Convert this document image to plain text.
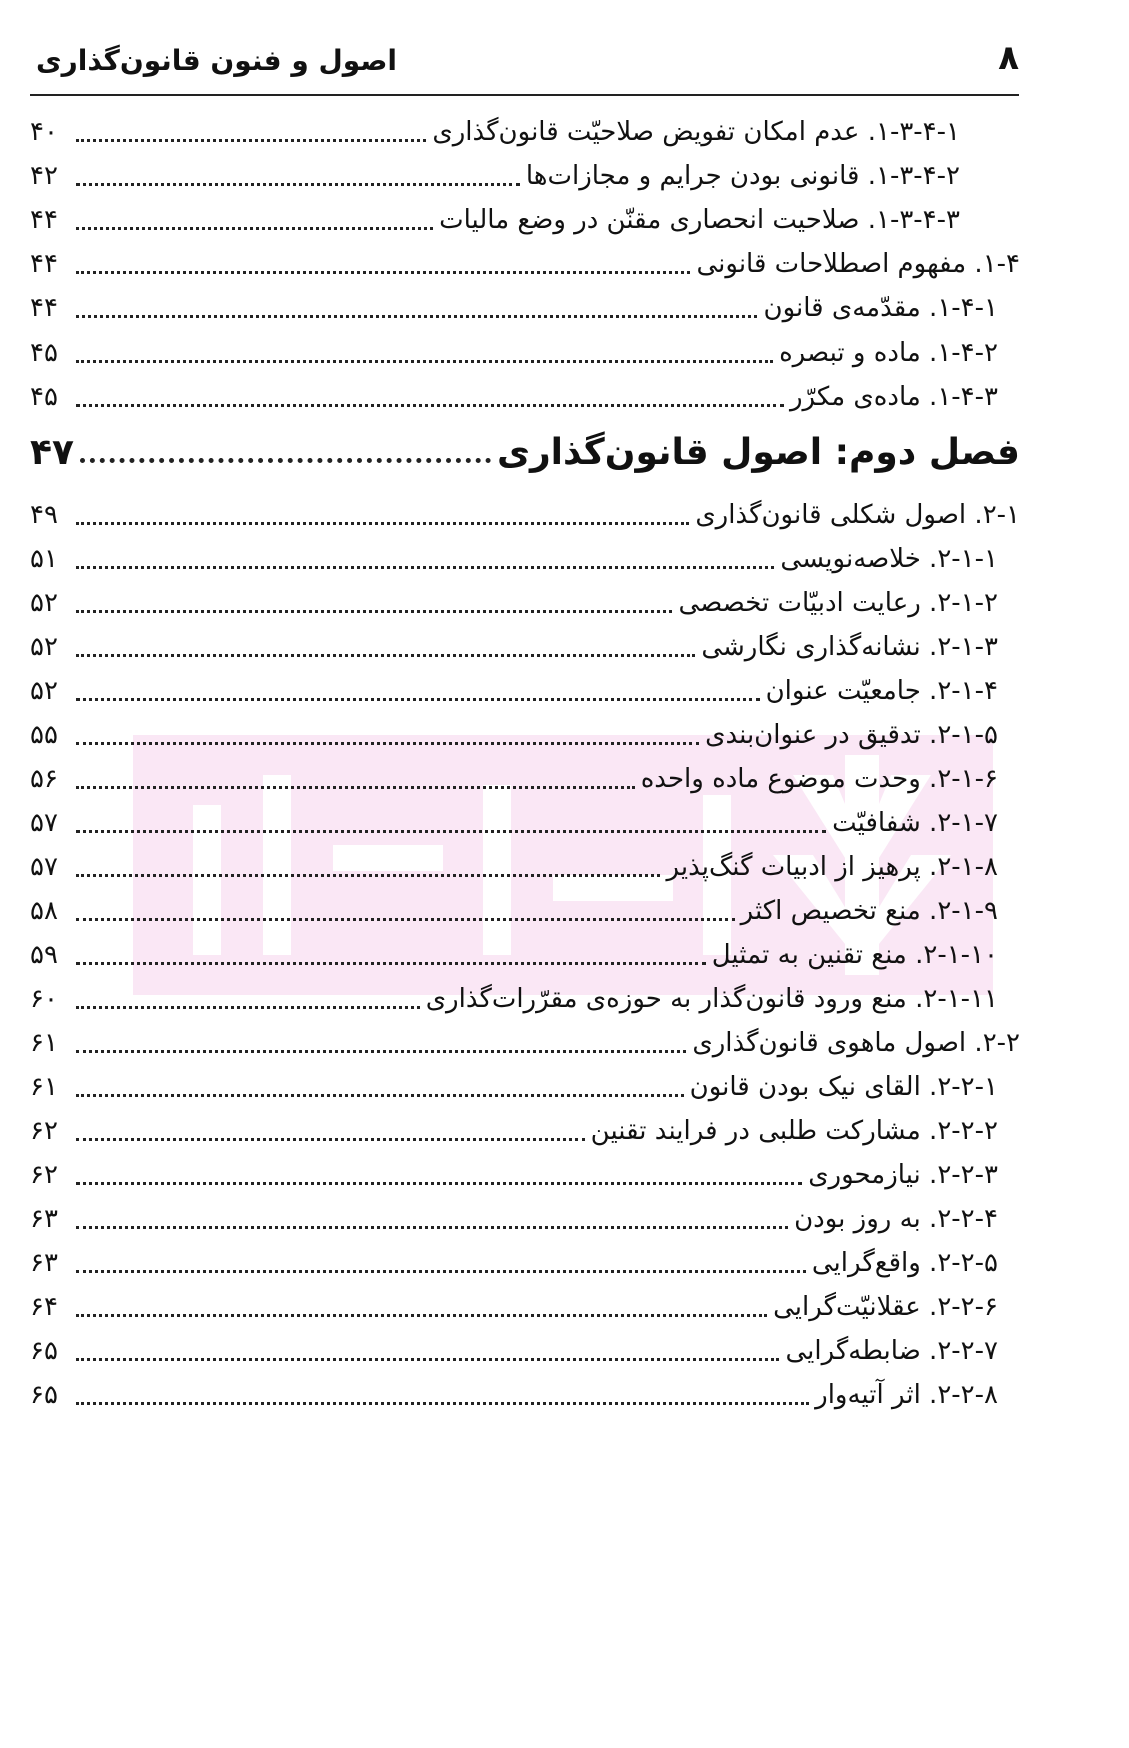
۸
اصول و فنون قانون‌گذاری
۴۰	۱-۳-۴-۱. عدم امکان تفویض صلاحیّت قانون‌گذاری
۴۲	۱-۳-۴-۲. قانونی بودن جرایم و مجازات‌ها
۴۴	۱-۳-۴-۳. صلاحیت انحصاری مقنّن در وضع مالیات
۴۴	۱-۴. مفهوم اصطلاحات قانونی
۴۴	۱-۴-۱. مقدّمه‌ی قانون
۴۵	۱-۴-۲. ماده و تبصره
۴۵	۱-۴-۳. ماده‌ی مکرّر
۴۷	فصل دوم: اصول قانون‌گذاری
۴۹	۲-۱. اصول شکلی قانون‌گذاری
۵۱	۲-۱-۱. خلاصه‌نویسی
۵۲	۲-۱-۲. رعایت ادبیّات تخصصی
۵۲	۲-۱-۳. نشانه‌گذاری نگارشی
۵۲	۲-۱-۴. جامعیّت عنوان
۵۵	۲-۱-۵. تدقیق در عنوان‌بندی
۵۶	۲-۱-۶. وحدت موضوع ماده واحده
۵۷	۲-۱-۷. شفافیّت
۵۷	۲-۱-۸. پرهیز از ادبیات گنگ‌پذیر
۵۸	۲-۱-۹. منع تخصیص اکثر
۵۹	۲-۱-۱۰. منع تقنین به تمثیل
۶۰	۲-۱-۱۱. منع ورود قانون‌گذار به حوزه‌ی مقرّرات‌گذاری
۶۱	۲-۲. اصول ماهوی قانون‌گذاری
۶۱	۲-۲-۱. القای نیک بودن قانون
۶۲	۲-۲-۲. مشارکت طلبی در فرایند تقنین
۶۲	۲-۲-۳. نیازمحوری
۶۳	۲-۲-۴. به روز بودن
۶۳	۲-۲-۵. واقع‌گرایی
۶۴	۲-۲-۶. عقلانیّت‌گرایی
۶۵	۲-۲-۷. ضابطه‌گرایی
۶۵	۲-۲-۸. اثر آتیه‌وار
